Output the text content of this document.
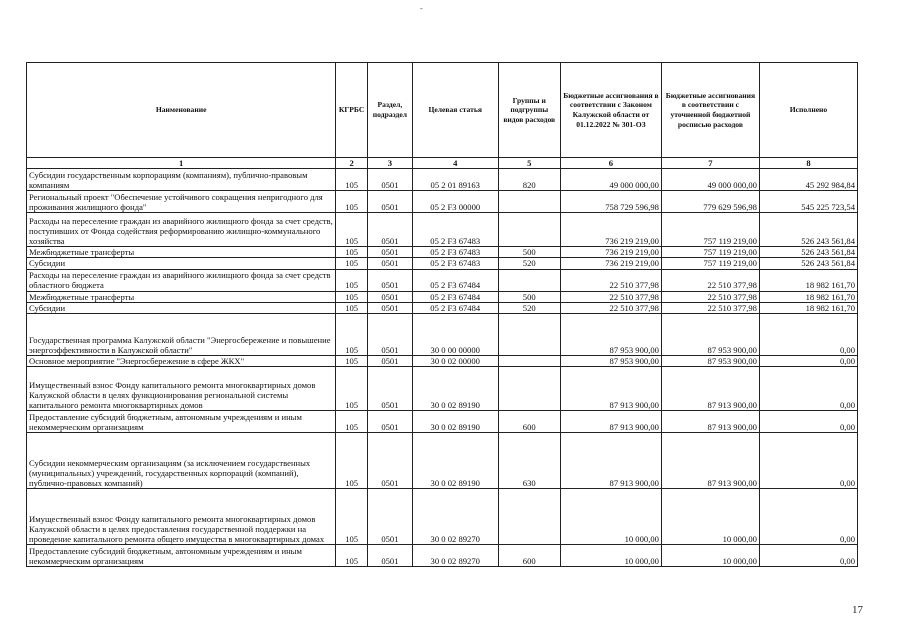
-
Наименование	КГРБС	Раздел, подраздел	Целевая статья	Группы и подгруппы видов расходов	Бюджетные ассигнования в соответствии с Законом Калужской области от 01.12.2022 № 301-ОЗ	Бюджетные ассигнования в соответствии с уточненной бюджетной росписью расходов	Исполнено
1	2	3	4	5	6	7	8
Субсидии государственным корпорациям (компаниям), публично-правовым компаниям	105	0501	05 2 01 89163	820	49 000 000,00	49 000 000,00	45 292 984,84
Региональный проект "Обеспечение устойчивого сокращения непригодного для проживания жилищного фонда"	105	0501	05 2 F3 00000		758 729 596,98	779 629 596,98	545 225 723,54
Расходы на переселение граждан из аварийного жилищного фонда за счет средств, поступивших от Фонда содействия реформированию жилищно-коммунального хозяйства	105	0501	05 2 F3 67483		736 219 219,00	757 119 219,00	526 243 561,84
Межбюджетные трансферты	105	0501	05 2 F3 67483	500	736 219 219,00	757 119 219,00	526 243 561,84
Субсидии	105	0501	05 2 F3 67483	520	736 219 219,00	757 119 219,00	526 243 561,84
Расходы на переселение граждан из аварийного жилищного фонда за счет средств областного бюджета	105	0501	05 2 F3 67484		22 510 377,98	22 510 377,98	18 982 161,70
Межбюджетные трансферты	105	0501	05 2 F3 67484	500	22 510 377,98	22 510 377,98	18 982 161,70
Субсидии	105	0501	05 2 F3 67484	520	22 510 377,98	22 510 377,98	18 982 161,70
Государственная программа Калужской области "Энергосбережение и повышение энергоэффективности в Калужской области"	105	0501	30 0 00 00000		87 953 900,00	87 953 900,00	0,00
Основное мероприятие "Энергосбережение в сфере ЖКХ"	105	0501	30 0 02 00000		87 953 900,00	87 953 900,00	0,00
Имущественный взнос Фонду капитального ремонта многоквартирных домов Калужской области в целях функционирования региональной системы капитального ремонта многоквартирных домов	105	0501	30 0 02 89190		87 913 900,00	87 913 900,00	0,00
Предоставление субсидий бюджетным, автономным учреждениям и иным некоммерческим организациям	105	0501	30 0 02 89190	600	87 913 900,00	87 913 900,00	0,00
Субсидии некоммерческим организациям (за исключением государственных (муниципальных) учреждений, государственных корпораций (компаний), публично-правовых компаний)	105	0501	30 0 02 89190	630	87 913 900,00	87 913 900,00	0,00
Имущественный взнос Фонду капитального ремонта многоквартирных домов Калужской области в целях предоставления государственной поддержки на проведение капитального ремонта общего имущества в многоквартирных домах	105	0501	30 0 02 89270		10 000,00	10 000,00	0,00
Предоставление субсидий бюджетным, автономным учреждениям и иным некоммерческим организациям	105	0501	30 0 02 89270	600	10 000,00	10 000,00	0,00
17
